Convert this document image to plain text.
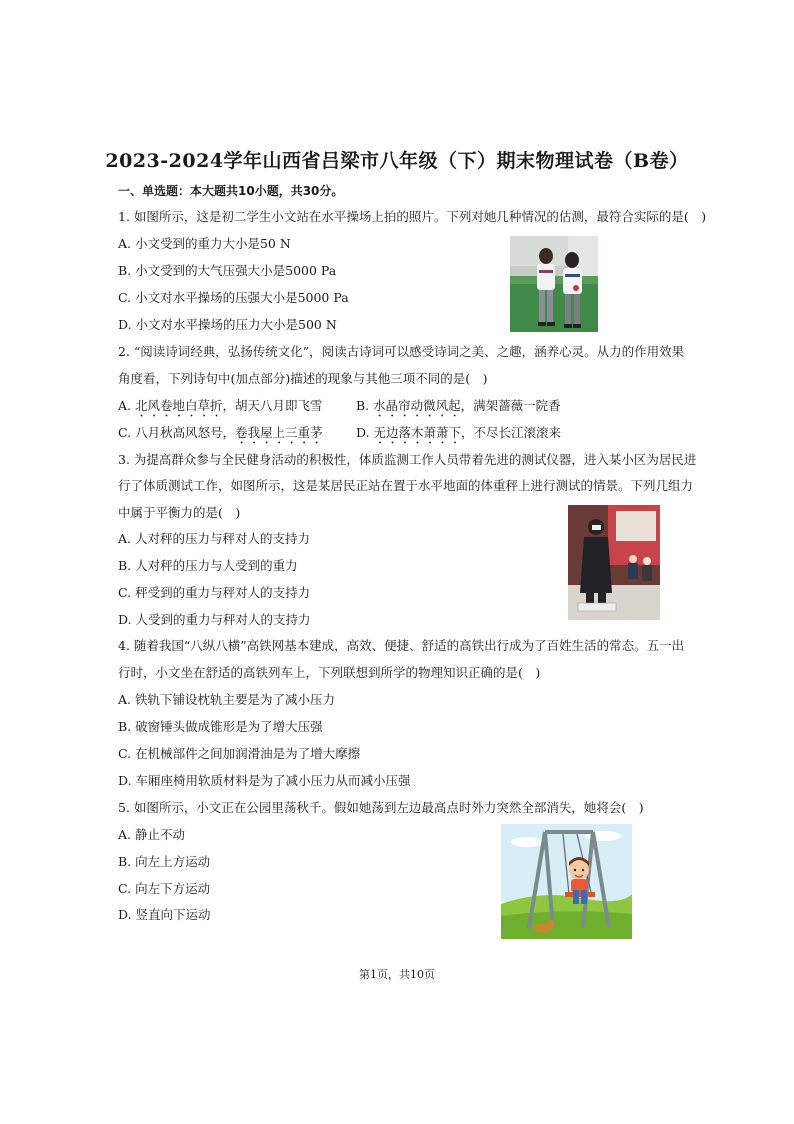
2023-2024学年山西省吕梁市八年级（下）期末物理试卷（B卷）
一、单选题：本大题共10小题，共30分。
1. 如图所示，这是初二学生小文站在水平操场上拍的照片。下列对她几种情况的估测，最符合实际的是(　)
A. 小文受到的重力大小是50 N
B. 小文受到的大气压强大小是5000 Pa
C. 小文对水平操场的压强大小是5000 Pa
D. 小文对水平操场的压力大小是500 N
2. “阅读诗词经典，弘扬传统文化”，阅读古诗词可以感受诗词之美、之趣，涵养心灵。从力的作用效果
角度看，下列诗句中(加点部分)描述的现象与其他三项不同的是(　)
A. 北风卷地白草折，胡天八月即飞雪	B. 水晶帘动微风起，满架蔷薇一院香
C. 八月秋高风怒号，卷我屋上三重茅	D. 无边落木萧萧下，不尽长江滚滚来
3. 为提高群众参与全民健身活动的积极性，体质监测工作人员带着先进的测试仪器，进入某小区为居民进
行了体质测试工作，如图所示，这是某居民正站在置于水平地面的体重秤上进行测试的情景。下列几组力
中属于平衡力的是(　)
A. 人对秤的压力与秤对人的支持力
B. 人对秤的压力与人受到的重力
C. 秤受到的重力与秤对人的支持力
D. 人受到的重力与秤对人的支持力
4. 随着我国“八纵八横”高铁网基本建成，高效、便捷、舒适的高铁出行成为了百姓生活的常态。五一出
行时，小文坐在舒适的高铁列车上，下列联想到所学的物理知识正确的是(　)
A. 铁轨下铺设枕轨主要是为了减小压力
B. 破窗锤头做成锥形是为了增大压强
C. 在机械部件之间加润滑油是为了增大摩擦
D. 车厢座椅用软质材料是为了减小压力从而减小压强
5. 如图所示，小文正在公园里荡秋千。假如她荡到左边最高点时外力突然全部消失，她将会(　)
A. 静止不动
B. 向左上方运动
C. 向左下方运动
D. 竖直向下运动
第1页，共10页
